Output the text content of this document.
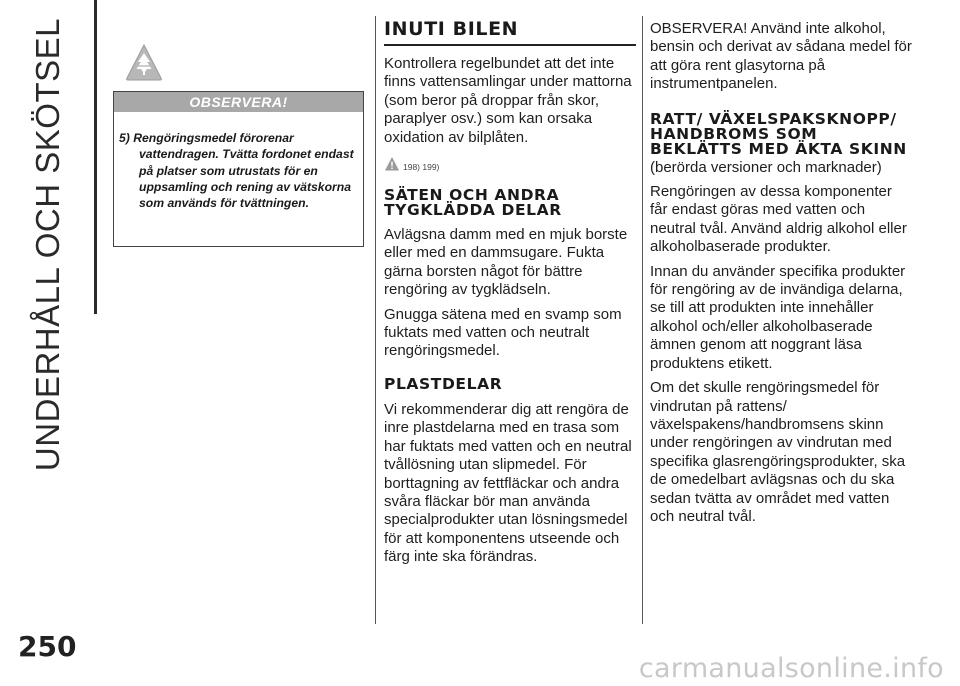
UNDERHÅLL OCH SKÖTSEL	OBSERVERA!
5) Rengöringsmedel förorenar vattendragen. Tvätta fordonet endast på platser som utrustats för en uppsamling och rening av vätskorna som används för tvättningen.
INUTI BILEN

Kontrollera regelbundet att det inte finns vattensamlingar under mattorna (som beror på droppar från skor, paraplyer osv.) som kan orsaka oxidation av bilplåten.

198) 199)
SÄTEN OCH ANDRA TYGKLÄDDA DELAR

Avlägsna damm med en mjuk borste eller med en dammsugare. Fukta gärna borsten något för bättre rengöring av tygklädseln.

Gnugga sätena med en svamp som fuktats med vatten och neutralt rengöringsmedel.

PLASTDELAR

Vi rekommenderar dig att rengöra de inre plastdelarna med en trasa som har fuktats med vatten och en neutral tvållösning utan slipmedel. För borttagning av fettfläckar och andra svåra fläckar bör man använda specialprodukter utan lösningsmedel för att komponentens utseende och färg inte ska förändras.

OBSERVERA! Använd inte alkohol, bensin och derivat av sådana medel för att göra rent glasytorna på instrumentpanelen.

RATT/ VÄXELSPAKSKNOPP/ HANDBROMS SOM BEKLÄTTS MED ÄKTA SKINN

(berörda versioner och marknader)

Rengöringen av dessa komponenter får endast göras med vatten och neutral tvål. Använd aldrig alkohol eller alkoholbaserade produkter.

Innan du använder specifika produkter för rengöring av de invändiga delarna, se till att produkten inte innehåller alkohol och/eller alkoholbaserade ämnen genom att noggrant läsa produktens etikett.

Om det skulle rengöringsmedel för vindrutan på rattens/ växelspakens/handbromsens skinn under rengöringen av vindrutan med specifika glasrengöringsprodukter, ska de omedelbart avlägsnas och du ska sedan tvätta av området med vatten och neutral tvål.

250
carmanualsonline.info
